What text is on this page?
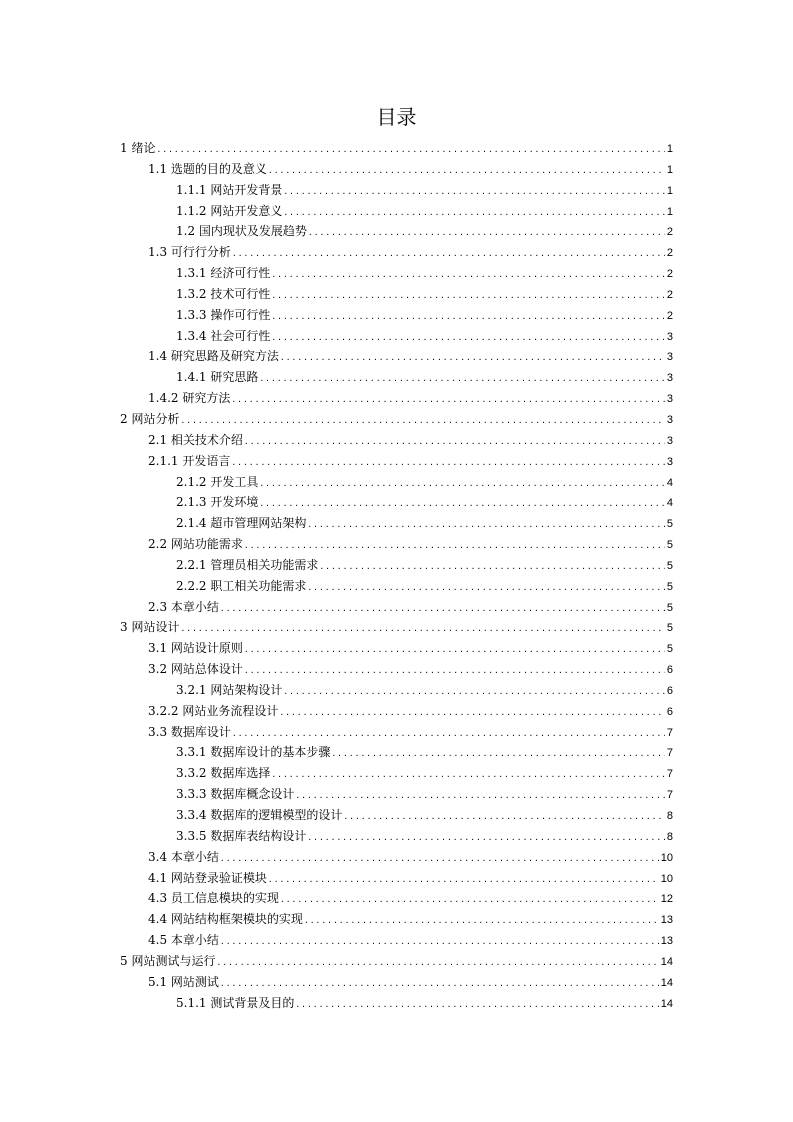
目录
1 绪论 .....	1
1.1 选题的目的及意义 .....	1
1.1.1 网站开发背景 .....	1
1.1.2 网站开发意义 .....	1
1.2 国内现状及发展趋势 .....	2
1.3 可行行分析 .....	2
1.3.1 经济可行性 .....	2
1.3.2 技术可行性 .....	2
1.3.3 操作可行性 .....	2
1.3.4 社会可行性 .....	3
1.4 研究思路及研究方法 .....	3
1.4.1 研究思路 .....	3
1.4.2 研究方法 .....	3
2 网站分析 .....	3
2.1 相关技术介绍 .....	3
2.1.1 开发语言 .....	3
2.1.2 开发工具 .....	4
2.1.3 开发环境 .....	4
2.1.4 超市管理网站架构 .....	5
2.2 网站功能需求 .....	5
2.2.1 管理员相关功能需求 .....	5
2.2.2 职工相关功能需求 .....	5
2.3 本章小结 .....	5
3 网站设计 .....	5
3.1 网站设计原则 .....	5
3.2 网站总体设计 .....	6
3.2.1 网站架构设计 .....	6
3.2.2 网站业务流程设计 .....	6
3.3 数据库设计 .....	7
3.3.1 数据库设计的基本步骤 .....	7
3.3.2 数据库选择 .....	7
3.3.3 数据库概念设计 .....	7
3.3.4 数据库的逻辑模型的设计 .....	8
3.3.5 数据库表结构设计 .....	8
3.4 本章小结 .....	10
4.1 网站登录验证模块 .....	10
4.3 员工信息模块的实现 .....	12
4.4 网站结构框架模块的实现 .....	13
4.5 本章小结 .....	13
5 网站测试与运行 .....	14
5.1 网站测试 .....	14
5.1.1 测试背景及目的 .....	14
